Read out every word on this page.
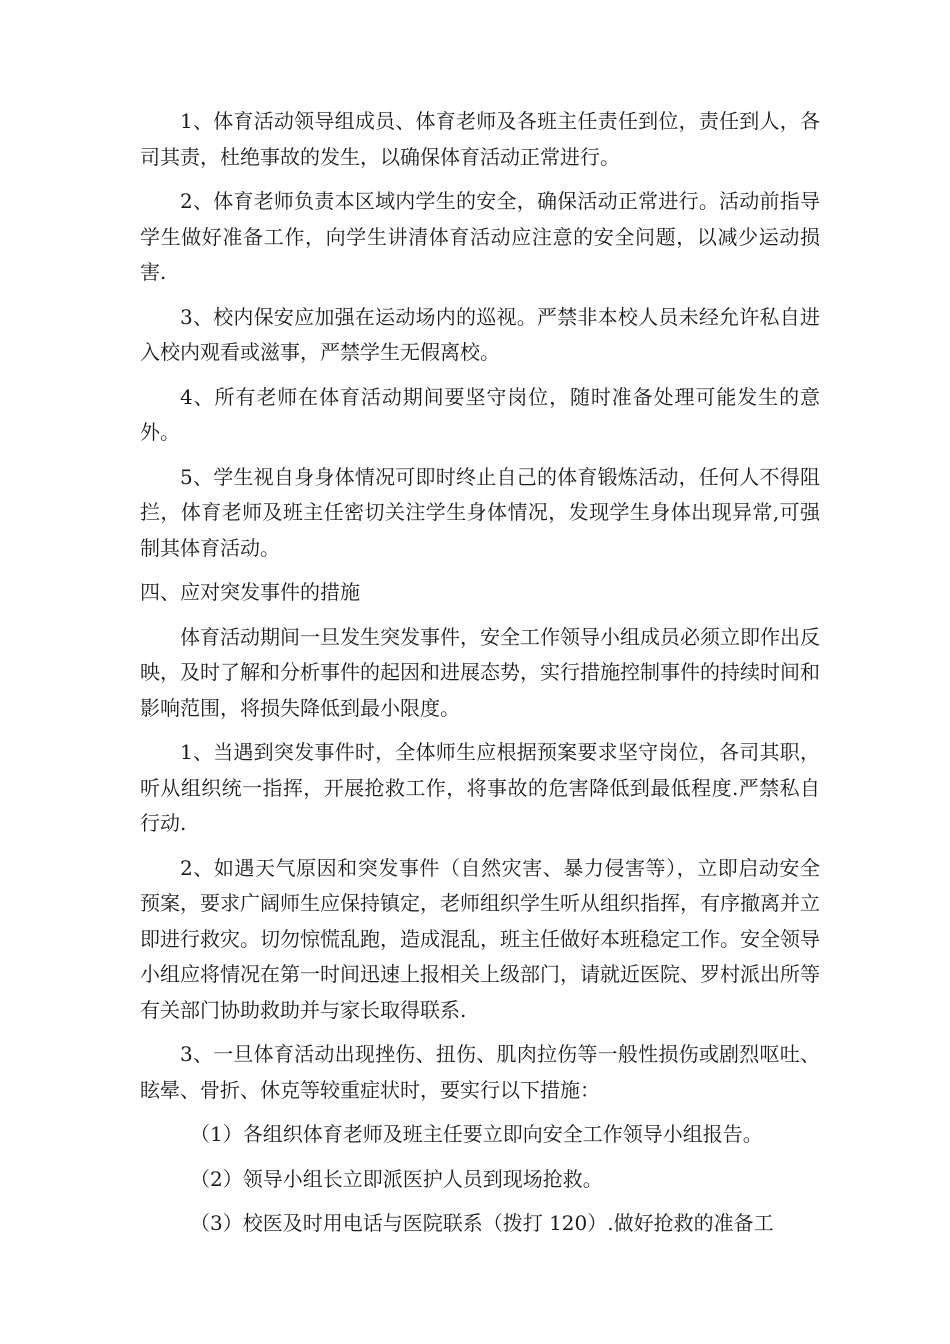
1、体育活动领导组成员、体育老师及各班主任责任到位，责任到人，各司其责，杜绝事故的发生，以确保体育活动正常进行。

2、体育老师负责本区域内学生的安全，确保活动正常进行。活动前指导学生做好准备工作，向学生讲清体育活动应注意的安全问题，以减少运动损害.

3、校内保安应加强在运动场内的巡视。严禁非本校人员未经允许私自进入校内观看或滋事，严禁学生无假离校。

4、所有老师在体育活动期间要坚守岗位，随时准备处理可能发生的意外。

5、学生视自身身体情况可即时终止自己的体育锻炼活动，任何人不得阻拦，体育老师及班主任密切关注学生身体情况，发现学生身体出现异常,可强制其体育活动。

四、应对突发事件的措施

体育活动期间一旦发生突发事件，安全工作领导小组成员必须立即作出反映，及时了解和分析事件的起因和进展态势，实行措施控制事件的持续时间和影响范围，将损失降低到最小限度。

1、当遇到突发事件时，全体师生应根据预案要求坚守岗位，各司其职，听从组织统一指挥，开展抢救工作，将事故的危害降低到最低程度.严禁私自行动.

2、如遇天气原因和突发事件（自然灾害、暴力侵害等），立即启动安全预案，要求广阔师生应保持镇定，老师组织学生听从组织指挥，有序撤离并立即进行救灾。切勿惊慌乱跑，造成混乱，班主任做好本班稳定工作。安全领导小组应将情况在第一时间迅速上报相关上级部门，请就近医院、罗村派出所等有关部门协助救助并与家长取得联系.

3、一旦体育活动出现挫伤、扭伤、肌肉拉伤等一般性损伤或剧烈呕吐、眩晕、骨折、休克等较重症状时，要实行以下措施：

（1）各组织体育老师及班主任要立即向安全工作领导小组报告。

（2）领导小组长立即派医护人员到现场抢救。

（3）校医及时用电话与医院联系（拨打 120）.做好抢救的准备工
